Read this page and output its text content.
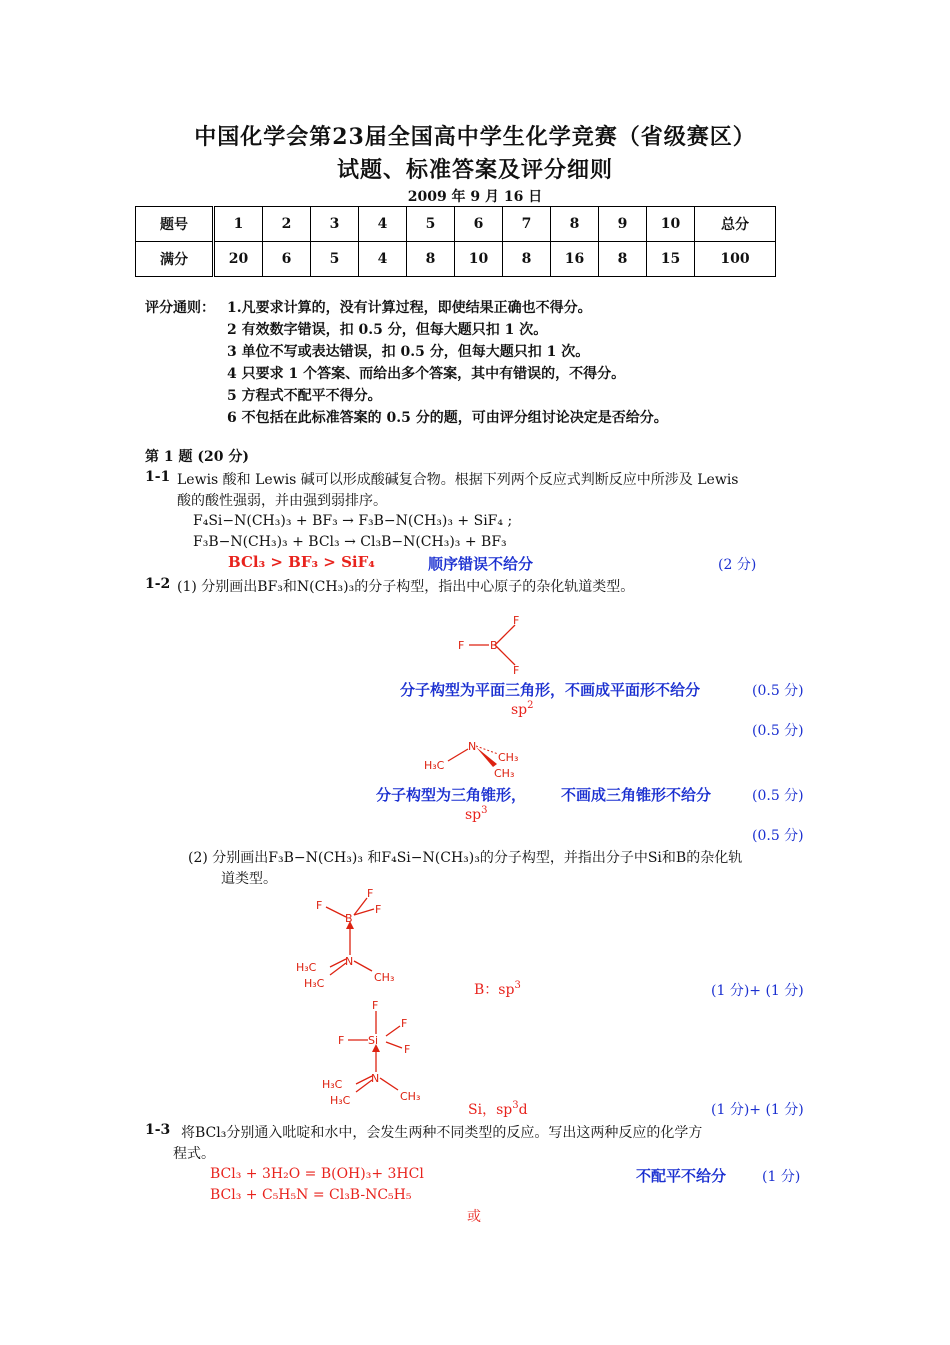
中国化学会第23届全国高中学生化学竞赛（省级赛区）
试题、标准答案及评分细则
2009 年 9 月 16 日
题号	1	2	3	4	5	6	7	8	9	10	总分
满分	20	6	5	4	8	10	8	16	8	15	100
评分通则： 1.凡要求计算的，没有计算过程，即使结果正确也不得分。
2 有效数字错误，扣 0.5 分，但每大题只扣 1 次。
3 单位不写或表达错误，扣 0.5 分，但每大题只扣 1 次。
4 只要求 1 个答案、而给出多个答案，其中有错误的，不得分。
5 方程式不配平不得分。
6 不包括在此标准答案的 0.5 分的题，可由评分组讨论决定是否给分。
第 1 题 (20 分)
1-1 Lewis 酸和 Lewis 碱可以形成酸碱复合物。根据下列两个反应式判断反应中所涉及 Lewis
酸的酸性强弱，并由强到弱排序。
F₄Si−N(CH₃)₃ + BF₃ → F₃B−N(CH₃)₃ + SiF₄ ;
F₃B−N(CH₃)₃ + BCl₃ → Cl₃B−N(CH₃)₃ + BF₃
BCl₃ > BF₃ > SiF₄	顺序错误不给分	(2 分)
1-2 (1) 分别画出BF₃和N(CH₃)₃的分子构型，指出中心原子的杂化轨道类型。
F
F
F B
分子构型为平面三角形，不画成平面形不给分	(0.5 分)
$sp^2$
(0.5 分)
N
H₃C
CH₃
CH₃
分子构型为三角锥形， 不画成三角锥形不给分	(0.5 分)
$sp^3$
(0.5 分)
(2) 分别画出F₃B−N(CH₃)₃ 和F₄Si−N(CH₃)₃的分子构型，并指出分子中Si和B的杂化轨
道类型。
F
F
F
B
N
H₃C
H₃C	CH₃
B：$sp^3$	(1 分)+ (1 分)
F
F
F
F
Si
N
H₃C
H₃C	CH₃
Si，$sp^3d$	(1 分)+ (1 分)
1-3 将BCl₃分别通入吡啶和水中，会发生两种不同类型的反应。写出这两种反应的化学方
程式。
BCl₃ + 3H₂O = B(OH)₃+ 3HCl	不配平不给分	(1 分)
BCl₃ + C₅H₅N = Cl₃B-NC₅H₅
或
